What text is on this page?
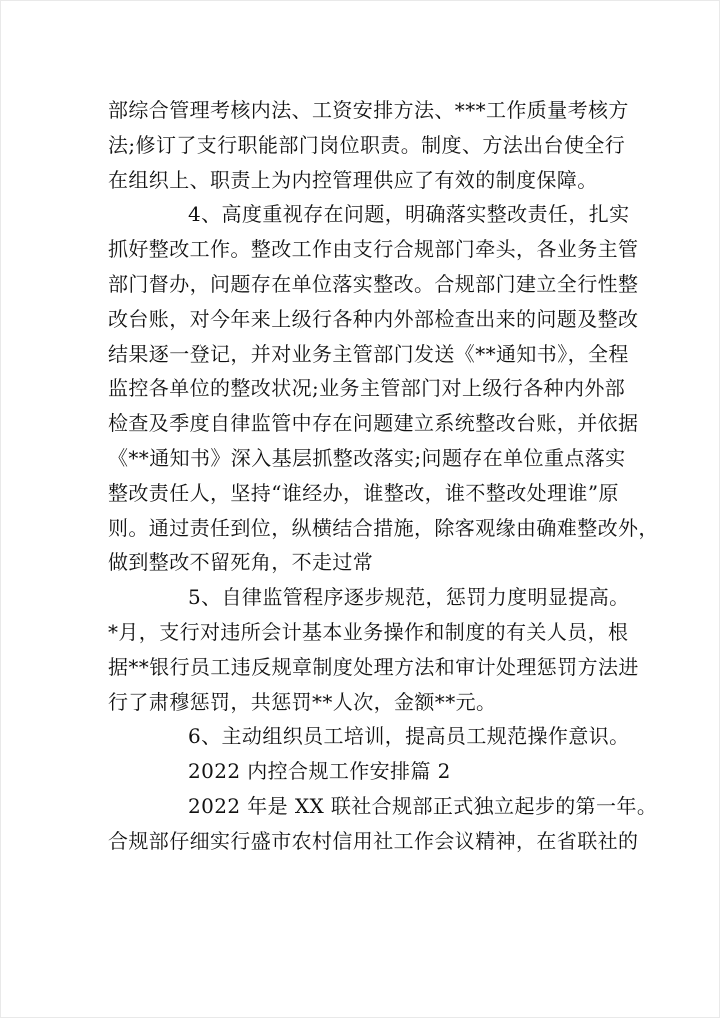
部综合管理考核内法、工资安排方法、***工作质量考核方
法;修订了支行职能部门岗位职责。制度、方法出台使全行
在组织上、职责上为内控管理供应了有效的制度保障。
4、高度重视存在问题，明确落实整改责任，扎实
抓好整改工作。整改工作由支行合规部门牵头，各业务主管
部门督办，问题存在单位落实整改。合规部门建立全行性整
改台账，对今年来上级行各种内外部检查出来的问题及整改
结果逐一登记，并对业务主管部门发送《**通知书》，全程
监控各单位的整改状况;业务主管部门对上级行各种内外部
检查及季度自律监管中存在问题建立系统整改台账，并依据
《**通知书》深入基层抓整改落实;问题存在单位重点落实
整改责任人，坚持“谁经办，谁整改，谁不整改处理谁”原
则。通过责任到位，纵横结合措施，除客观缘由确难整改外，
做到整改不留死角，不走过常
5、自律监管程序逐步规范，惩罚力度明显提高。
*月，支行对违所会计基本业务操作和制度的有关人员，根
据**银行员工违反规章制度处理方法和审计处理惩罚方法进
行了肃穆惩罚，共惩罚**人次，金额**元。
6、主动组织员工培训，提高员工规范操作意识。
2022 内控合规工作安排篇 2
2022 年是 XX 联社合规部正式独立起步的第一年。
合规部仔细实行盛市农村信用社工作会议精神，在省联社的
